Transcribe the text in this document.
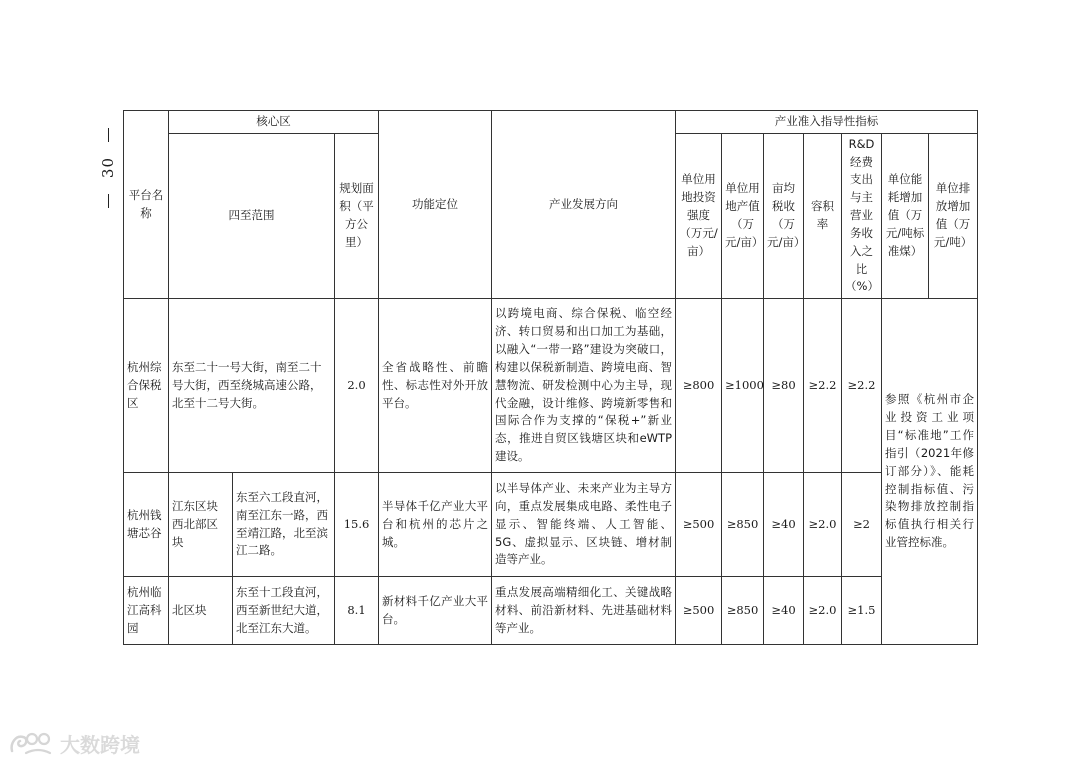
30
平台名称	核心区			功能定位	产业发展方向	产业准入指导性指标						
	四至范围		规划面积（平方公里）			单位用地投资强度（万元/亩）	单位用地产值（万元/亩）	亩均税收（万元/亩）	容积率	R&D 经费支出与主营业务收入之比（%）	单位能耗增加值（万元/吨标准煤）	单位排放增加值（万元/吨）
杭州综合保税区	东至二十一号大街，南至二十号大街，西至绕城高速公路，北至十二号大街。		2.0	全省战略性、前瞻性、标志性对外开放平台。	以跨境电商、综合保税、临空经济、转口贸易和出口加工为基础，以融入“一带一路”建设为突破口，构建以保税新制造、跨境电商、智慧物流、研发检测中心为主导，现代金融，设计维修、跨境新零售和国际合作为支撑的“保税+”新业态，推进自贸区钱塘区块和eWTP建设。	≥800	≥1000	≥80	≥2.2	≥2.2	参照《杭州市企业投资工业项目“标准地”工作指引（2021年修订部分）》、能耗控制指标值、污染物排放控制指标值执行相关行业管控标准。	
杭州钱塘芯谷	江东区块西北部区块	东至六工段直河，南至江东一路，西至靖江路，北至滨江二路。	15.6	半导体千亿产业大平台和杭州的芯片之城。	以半导体产业、未来产业为主导方向，重点发展集成电路、柔性电子显示、智能终端、人工智能、5G、虚拟显示、区块链、增材制造等产业。	≥500	≥850	≥40	≥2.0	≥2		
杭州临江高科园	北区块	东至十工段直河，西至新世纪大道，北至江东大道。	8.1	新材料千亿产业大平台。	重点发展高端精细化工、关键战略材料、前沿新材料、先进基础材料等产业。	≥500	≥850	≥40	≥2.0	≥1.5		
大数跨境
